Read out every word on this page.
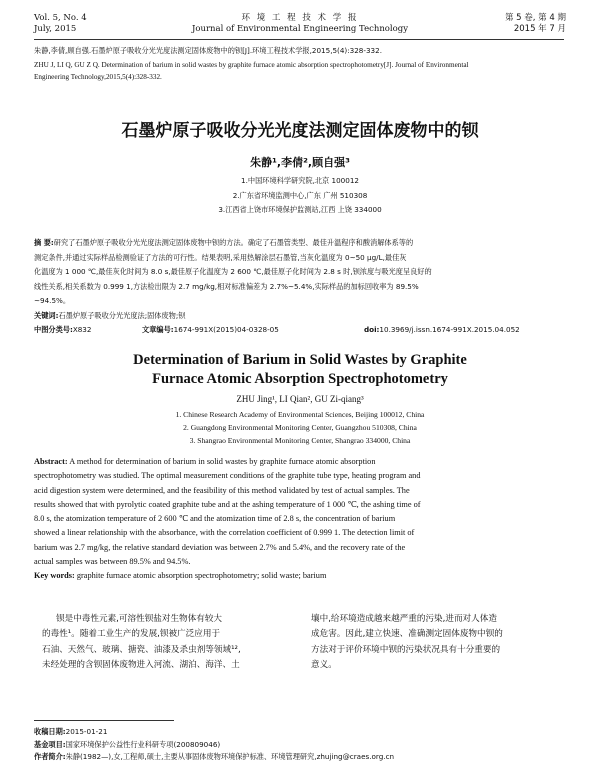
Vol. 5, No. 4
July, 2015
环 境 工 程 技 术 学 报
Journal of Environmental Engineering Technology
第 5 卷, 第 4 期
2015 年 7 月
朱静,李倩,顾自强.石墨炉原子吸收分光光度法测定固体废物中的钡[J].环境工程技术学报,2015,5(4):328-332.
ZHU J, LI Q, GU Z Q. Determination of barium in solid wastes by graphite furnace atomic absorption spectrophotometry[J]. Journal of Environmental
Engineering Technology,2015,5(4):328-332.
石墨炉原子吸收分光光度法测定固体废物中的钡
朱静¹,李倩²,顾自强³
1.中国环境科学研究院,北京 100012
2.广东省环境监测中心,广东 广州 510308
3.江西省上饶市环境保护监测站,江西 上饶 334000
摘 要:研究了石墨炉原子吸收分光光度法测定固体废物中钡的方法。确定了石墨管类型、最佳升温程序和酸消解体系等的
测定条件,并通过实际样品检测验证了方法的可行性。结果表明,采用热解涂层石墨管,当灰化温度为 0~50 μg/L,最佳灰
化温度为 1 000 ℃,最佳灰化时间为 8.0 s,最佳原子化温度为 2 600 ℃,最佳原子化时间为 2.8 s 时,钡浓度与吸光度呈良好的
线性关系,相关系数为 0.999 1,方法检出限为 2.7 mg/kg,相对标准偏差为 2.7%~5.4%,实际样品的加标回收率为 89.5%
~94.5%。
关键词:石墨炉原子吸收分光光度法;固体废物;钡
中图分类号:X832	文章编号:1674-991X(2015)04-0328-05	doi:10.3969/j.issn.1674-991X.2015.04.052
Determination of Barium in Solid Wastes by Graphite
Furnace Atomic Absorption Spectrophotometry
ZHU Jing¹, LI Qian², GU Zi-qiang³
1. Chinese Research Academy of Environmental Sciences, Beijing 100012, China
2. Guangdong Environmental Monitoring Center, Guangzhou 510308, China
3. Shangrao Environmental Monitoring Center, Shangrao 334000, China
Abstract: A method for determination of barium in solid wastes by graphite furnace atomic absorption
spectrophotometry was studied. The optimal measurement conditions of the graphite tube type, heating program and
acid digestion system were determined, and the feasibility of this method validated by test of actual samples. The
results showed that with pyrolytic coated graphite tube and at the ashing temperature of 1 000 ℃, the ashing time of
8.0 s, the atomization temperature of 2 600 ℃ and the atomization time of 2.8 s, the concentration of barium
showed a linear relationship with the absorbance, with the correlation coefficient of 0.999 1. The detection limit of
barium was 2.7 mg/kg, the relative standard deviation was between 2.7% and 5.4%, and the recovery rate of the
actual samples was between 89.5% and 94.5%.
Key words: graphite furnace atomic absorption spectrophotometry; solid waste; barium
钡是中毒性元素,可溶性钡盐对生物体有较大
的毒性¹。随着工业生产的发展,钡被广泛应用于
石油、天然气、玻璃、搪瓷、油漆及杀虫剂等领域¹²,
未经处理的含钡固体废物进入河流、湖泊、海洋、土
壤中,给环境造成越来越严重的污染,进而对人体造
成危害。因此,建立快速、准确测定固体废物中钡的
方法对于评价环境中钡的污染状况具有十分重要的
意义。
收稿日期:2015-01-21
基金项目:国家环境保护公益性行业科研专项(200809046)
作者简介:朱静(1982—),女,工程师,硕士,主要从事固体废物环境保护标准、环境管理研究,zhujing@craes.org.cn
